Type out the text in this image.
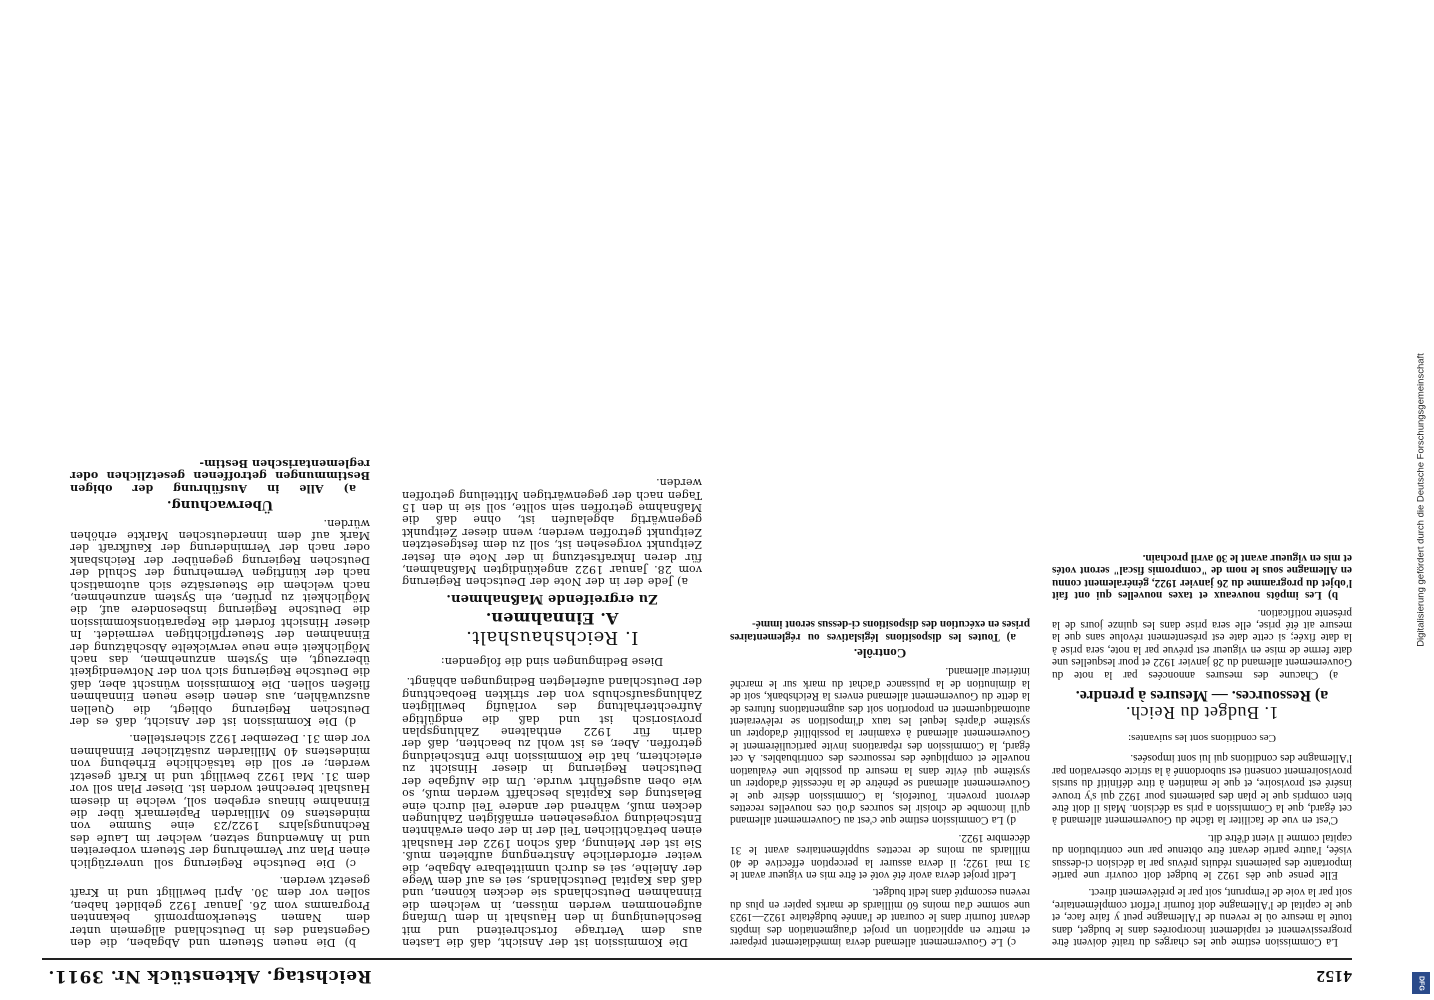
4152
Reichstag. Aktenstück Nr. 3911.

La Commission estime que les charges du traité doivent être progressivement et rapidement incorporées dans le budget, dans toute la mesure où le revenu de l'Allemagne peut y faire face, et que le capital de l'Allemagne doit fournir l'effort complémentaire, soit par la voie de l'emprunt, soit par le prélèvement direct.

Elle pense que dès 1922 le budget doit couvrir une partie importante des paiements réduits prévus par la décision ci-dessus visée, l'autre partie devant être obtenue par une contribution du capital comme il vient d'être dit.

C'est en vue de faciliter la tâche du Gouvernement allemand à cet égard, que la Commission a pris sa décision. Mais il doit être bien compris que le plan des paiements pour 1922 qui s'y trouve inséré est provisoire, et que le maintien à titre définitif du sursis provisoirement consenti est subordonné à la stricte observation par l'Allemagne des conditions qui lui sont imposées.

Ces conditions sont les suivantes:

1. Budget du Reich.
a) Ressources. — Mesures à prendre.

a) Chacune des mesures annoncées par la note du Gouvernement allemand du 28 janvier 1922 et pour lesquelles une date ferme de mise en vigueur est prévue par la note, sera prise à la date fixée; si cette date est présentement révolue sans que la mesure ait été prise, elle sera prise dans les quinze jours de la présente notification.

b) Les impôts nouveaux et taxes nouvelles qui ont fait l'objet du programme du 26 janvier 1922, généralement connu en Allemagne sous le nom de "compromis fiscal" seront votés et mis en vigueur avant le 30 avril prochain.

c) Le Gouvernement allemand devra immédiatement préparer et mettre en application un projet d'augmentation des impôts devant fournir dans le courant de l'année budgétaire 1922—1923 une somme d'au moins 60 milliards de marks papier en plus du revenu escompté dans ledit budget.

Ledit projet devra avoir été voté et être mis en vigueur avant le 31 mai 1922; il devra assurer la perception effective de 40 milliards au moins de recettes supplémentaires avant le 31 décembre 1922.

d) La Commission estime que c'est au Gouvernement allemand qu'il incombe de choisir les sources d'où ces nouvelles recettes devront provenir. Toutefois, la Commission désire que le Gouvernement allemand se pénètre de la nécessité d'adopter un système qui évite dans la mesure du possible une évaluation nouvelle et compliquée des ressources des contribuables. A cet égard, la Commission des réparations invite particulièrement le Gouvernement allemand à examiner la possibilité d'adopter un système d'après lequel les taux d'imposition se relèveraient automatiquement en proportion soit des augmentations futures de la dette du Gouvernement allemand envers la Reichsbank, soit de la diminution de la puissance d'achat du mark sur le marché intérieur allemand.

Contrôle.

a) Toutes les dispositions législatives ou réglementaires prises en exécution des dispositions ci-dessus seront immé-

Die Kommission ist der Ansicht, daß die Lasten aus dem Vertrage fortschreitend und mit Beschleunigung in den Haushalt in dem Umfang aufgenommen werden müssen, in welchem die Einnahmen Deutschlands sie decken können, und daß das Kapital Deutschlands, sei es auf dem Wege der Anleihe, sei es durch unmittelbare Abgabe, die weiter erforderliche Anstrengung aufbieten muß. Sie ist der Meinung, daß schon 1922 der Haushalt einen beträchtlichen Teil der in der oben erwähnten Entscheidung vorgesehenen ermäßigten Zahlungen decken muß, während der andere Teil durch eine Belastung des Kapitals beschafft werden muß, so wie oben ausgeführt wurde. Um die Aufgabe der Deutschen Regierung in dieser Hinsicht zu erleichtern, hat die Kommission ihre Entscheidung getroffen. Aber, es ist wohl zu beachten, daß der darin für 1922 enthaltene Zahlungsplan provisorisch ist und daß die endgültige Aufrechterhaltung des vorläufig bewilligten Zahlungsaufschubs von der strikten Beobachtung der Deutschland auferlegten Bedingungen abhängt.

Diese Bedingungen sind die folgenden:

I. Reichshaushalt.
A. Einnahmen.
Zu ergreifende Maßnahmen.

a) Jede der in der Note der Deutschen Regierung vom 28. Januar 1922 angekündigten Maßnahmen, für deren Inkraftsetzung in der Note ein fester Zeitpunkt vorgesehen ist, soll zu dem festgesetzten Zeitpunkt getroffen werden; wenn dieser Zeitpunkt gegenwärtig abgelaufen ist, ohne daß die Maßnahme getroffen sein sollte, soll sie in den 15 Tagen nach der gegenwärtigen Mitteilung getroffen werden.

b) Die neuen Steuern und Abgaben, die den Gegenstand des in Deutschland allgemein unter dem Namen Steuerkompromiß bekannten Programms vom 26. Januar 1922 gebildet haben, sollen vor dem 30. April bewilligt und in Kraft gesetzt werden.

c) Die Deutsche Regierung soll unverzüglich einen Plan zur Vermehrung der Steuern vorbereiten und in Anwendung setzen, welcher im Laufe des Rechnungsjahrs 1922/23 eine Summe von mindestens 60 Milliarden Papiermark über die Einnahme hinaus ergeben soll, welche in diesem Haushalt berechnet worden ist. Dieser Plan soll vor dem 31. Mai 1922 bewilligt und in Kraft gesetzt werden; er soll die tatsächliche Erhebung von mindestens 40 Milliarden zusätzlicher Einnahmen vor dem 31. Dezember 1922 sicherstellen.

d) Die Kommission ist der Ansicht, daß es der Deutschen Regierung obliegt, die Quellen auszuwählen, aus denen diese neuen Einnahmen fließen sollen. Die Kommission wünscht aber, daß die Deutsche Regierung sich von der Notwendigkeit überzeugt, ein System anzunehmen, das nach Möglichkeit eine neue verwickelte Abschätzung der Einnahmen der Steuerpflichtigen vermeidet. In dieser Hinsicht fordert die Reparationskommission die Deutsche Regierung insbesondere auf, die Möglichkeit zu prüfen, ein System anzunehmen, nach welchem die Steuersätze sich automatisch nach der künftigen Vermehrung der Schuld der Deutschen Regierung gegenüber der Reichsbank oder nach der Verminderung der Kaufkraft der Mark auf dem innerdeutschen Markte erhöhen würden.

Überwachung.

a) Alle in Ausführung der obigen Bestimmungen getroffenen gesetzlichen oder reglementarischen Bestim-	Digitalisierung gefördert durch die Deutsche Forschungsgemeinschaft
DFG
